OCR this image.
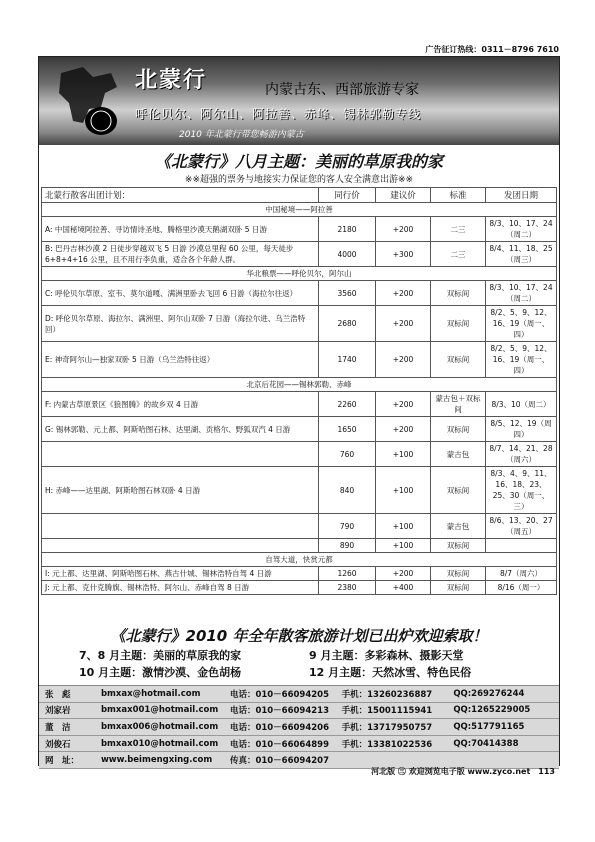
广告征订热线：0311－8796 7610
北蒙行	内蒙古东、西部旅游专家
呼伦贝尔、阿尔山、阿拉善、赤峰、锡林郭勒专线
2010 年北蒙行带您畅游内蒙古
《北蒙行》八月主题：美丽的草原我的家
※※超强的票务与地接实力保证您的客人安全满意出游※※
北蒙行散客出团计划：	同行价	建议价	标准	发团日期
中国秘境——阿拉善				
A: 中国秘境阿拉善、寻访情诗圣地、腾格里沙漠天鹅湖双卧 5 日游	2180	+200	二三	8/3、10、17、24（周二）
B: 巴丹吉林沙漠 2 日徒步穿越双飞 5 日游 沙漠总里程 60 公里，每天徒步 6+8+4+16 公里，且不用行李负重，适合各个年龄人群。	4000	+300	二三	8/4、11、18、25（周三）
华北粮票——呼伦贝尔，阿尔山				
C: 呼伦贝尔草原、室韦、莫尔道嘎、满洲里卧去飞回 6 日游（海拉尔往返）	3560	+200	双标间	8/3、10、17、24（周二）
D: 呼伦贝尔草原、海拉尔、满洲里、阿尔山双卧 7 日游（海拉尔进、乌兰浩特回）	2680	+200	双标间	8/2、5、9、12、16、19（周一、四）
E: 神奇阿尔山—独家双卧 5 日游（乌兰浩特往返）	1740	+200	双标间	8/2、5、9、12、16、19（周一、四）
北京后花园——锡林郭勒、赤峰				
F: 内蒙古草原景区《狼图腾》的故乡双 4 日游	2260	+200	蒙古包＋双标间	8/3、10（周二）
G: 锡林郭勒、元上都、阿斯哈图石林、达里湖、贡格尔、野狐双汽 4 日游	1650	+200	双标间	8/5、12、19（周四）
	760	+100	蒙古包	8/7、14、21、28（周六）
H: 赤峰——达里湖、阿斯哈图石林双卧 4 日游	840	+100	双标间	8/3、4、9、11、16、18、23、25、30（周一、三）
	790	+100	蒙古包	8/6、13、20、27（周五）
	890	+100	双标间	
自驾大道，快赏元都				
I: 元上都、达里湖、阿斯哈图石林、燕古什城、锡林浩特自驾 4 日游	1260	+200	双标间	8/7（周六）
J: 元上都、克什克腾旗、锡林浩特、阿尔山、赤峰自驾 8 日游	2380	+400	双标间	8/16（周一）
《北蒙行》2010 年全年散客旅游计划已出炉欢迎索取！
7、8 月主题：美丽的草原我的家	9 月主题：多彩森林、摄影天堂
10 月主题：激情沙漠、金色胡杨	12 月主题：天然冰雪、特色民俗
张　彪	bmxax@hotmail.com	电话：010－66094205	手机：13260236887	QQ:269276244
刘家岩	bmxax001@hotmail.com	电话：010－66094213	手机：15001115941	QQ:1265229005
董　洁	bmxax006@hotmail.com	电话：010－66094206	手机：13717950757	QQ:517791165
刘俊石	bmxax010@hotmail.com	电话：010－66064899	手机：13381022536	QQ:70414388
网　址：	www.beimengxing.com	传真：010－66094207
河北版 ㊂ 欢迎浏览电子版 www.zyco.net　113
